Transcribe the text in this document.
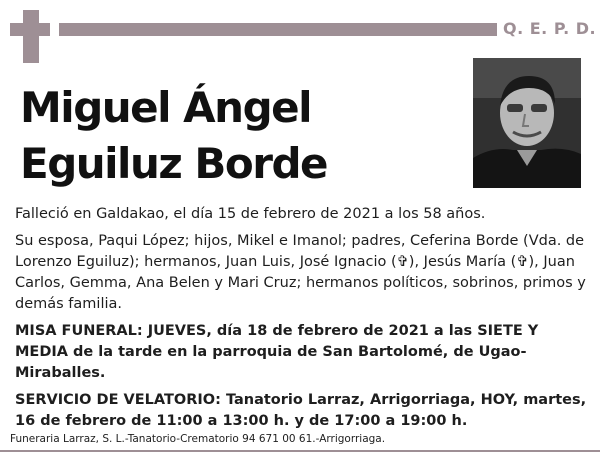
Q. E. P. D.
Miguel Ángel
Eguiluz Borde

Falleció en Galdakao, el día 15 de febrero de 2021 a los 58 años.

Su esposa, Paqui López; hijos, Mikel e Imanol; padres, Ceferina Borde (Vda. de Lorenzo Eguiluz); hermanos, Juan Luis, José Ignacio (✞), Jesús María (✞), Juan Carlos, Gemma, Ana Belen y Mari Cruz; hermanos políticos, sobrinos, primos y demás familia.

MISA FUNERAL: JUEVES, día 18 de febrero de 2021 a las SIETE Y MEDIA de la tarde en la parroquia de San Bartolomé, de Ugao-Miraballes.

SERVICIO DE VELATORIO: Tanatorio Larraz, Arrigorriaga, HOY, martes, 16 de febrero de 11:00 a 13:00 h. y de 17:00 a 19:00 h.

Funeraria Larraz, S. L.-Tanatorio-Crematorio 94 671 00 61.-Arrigorriaga.
